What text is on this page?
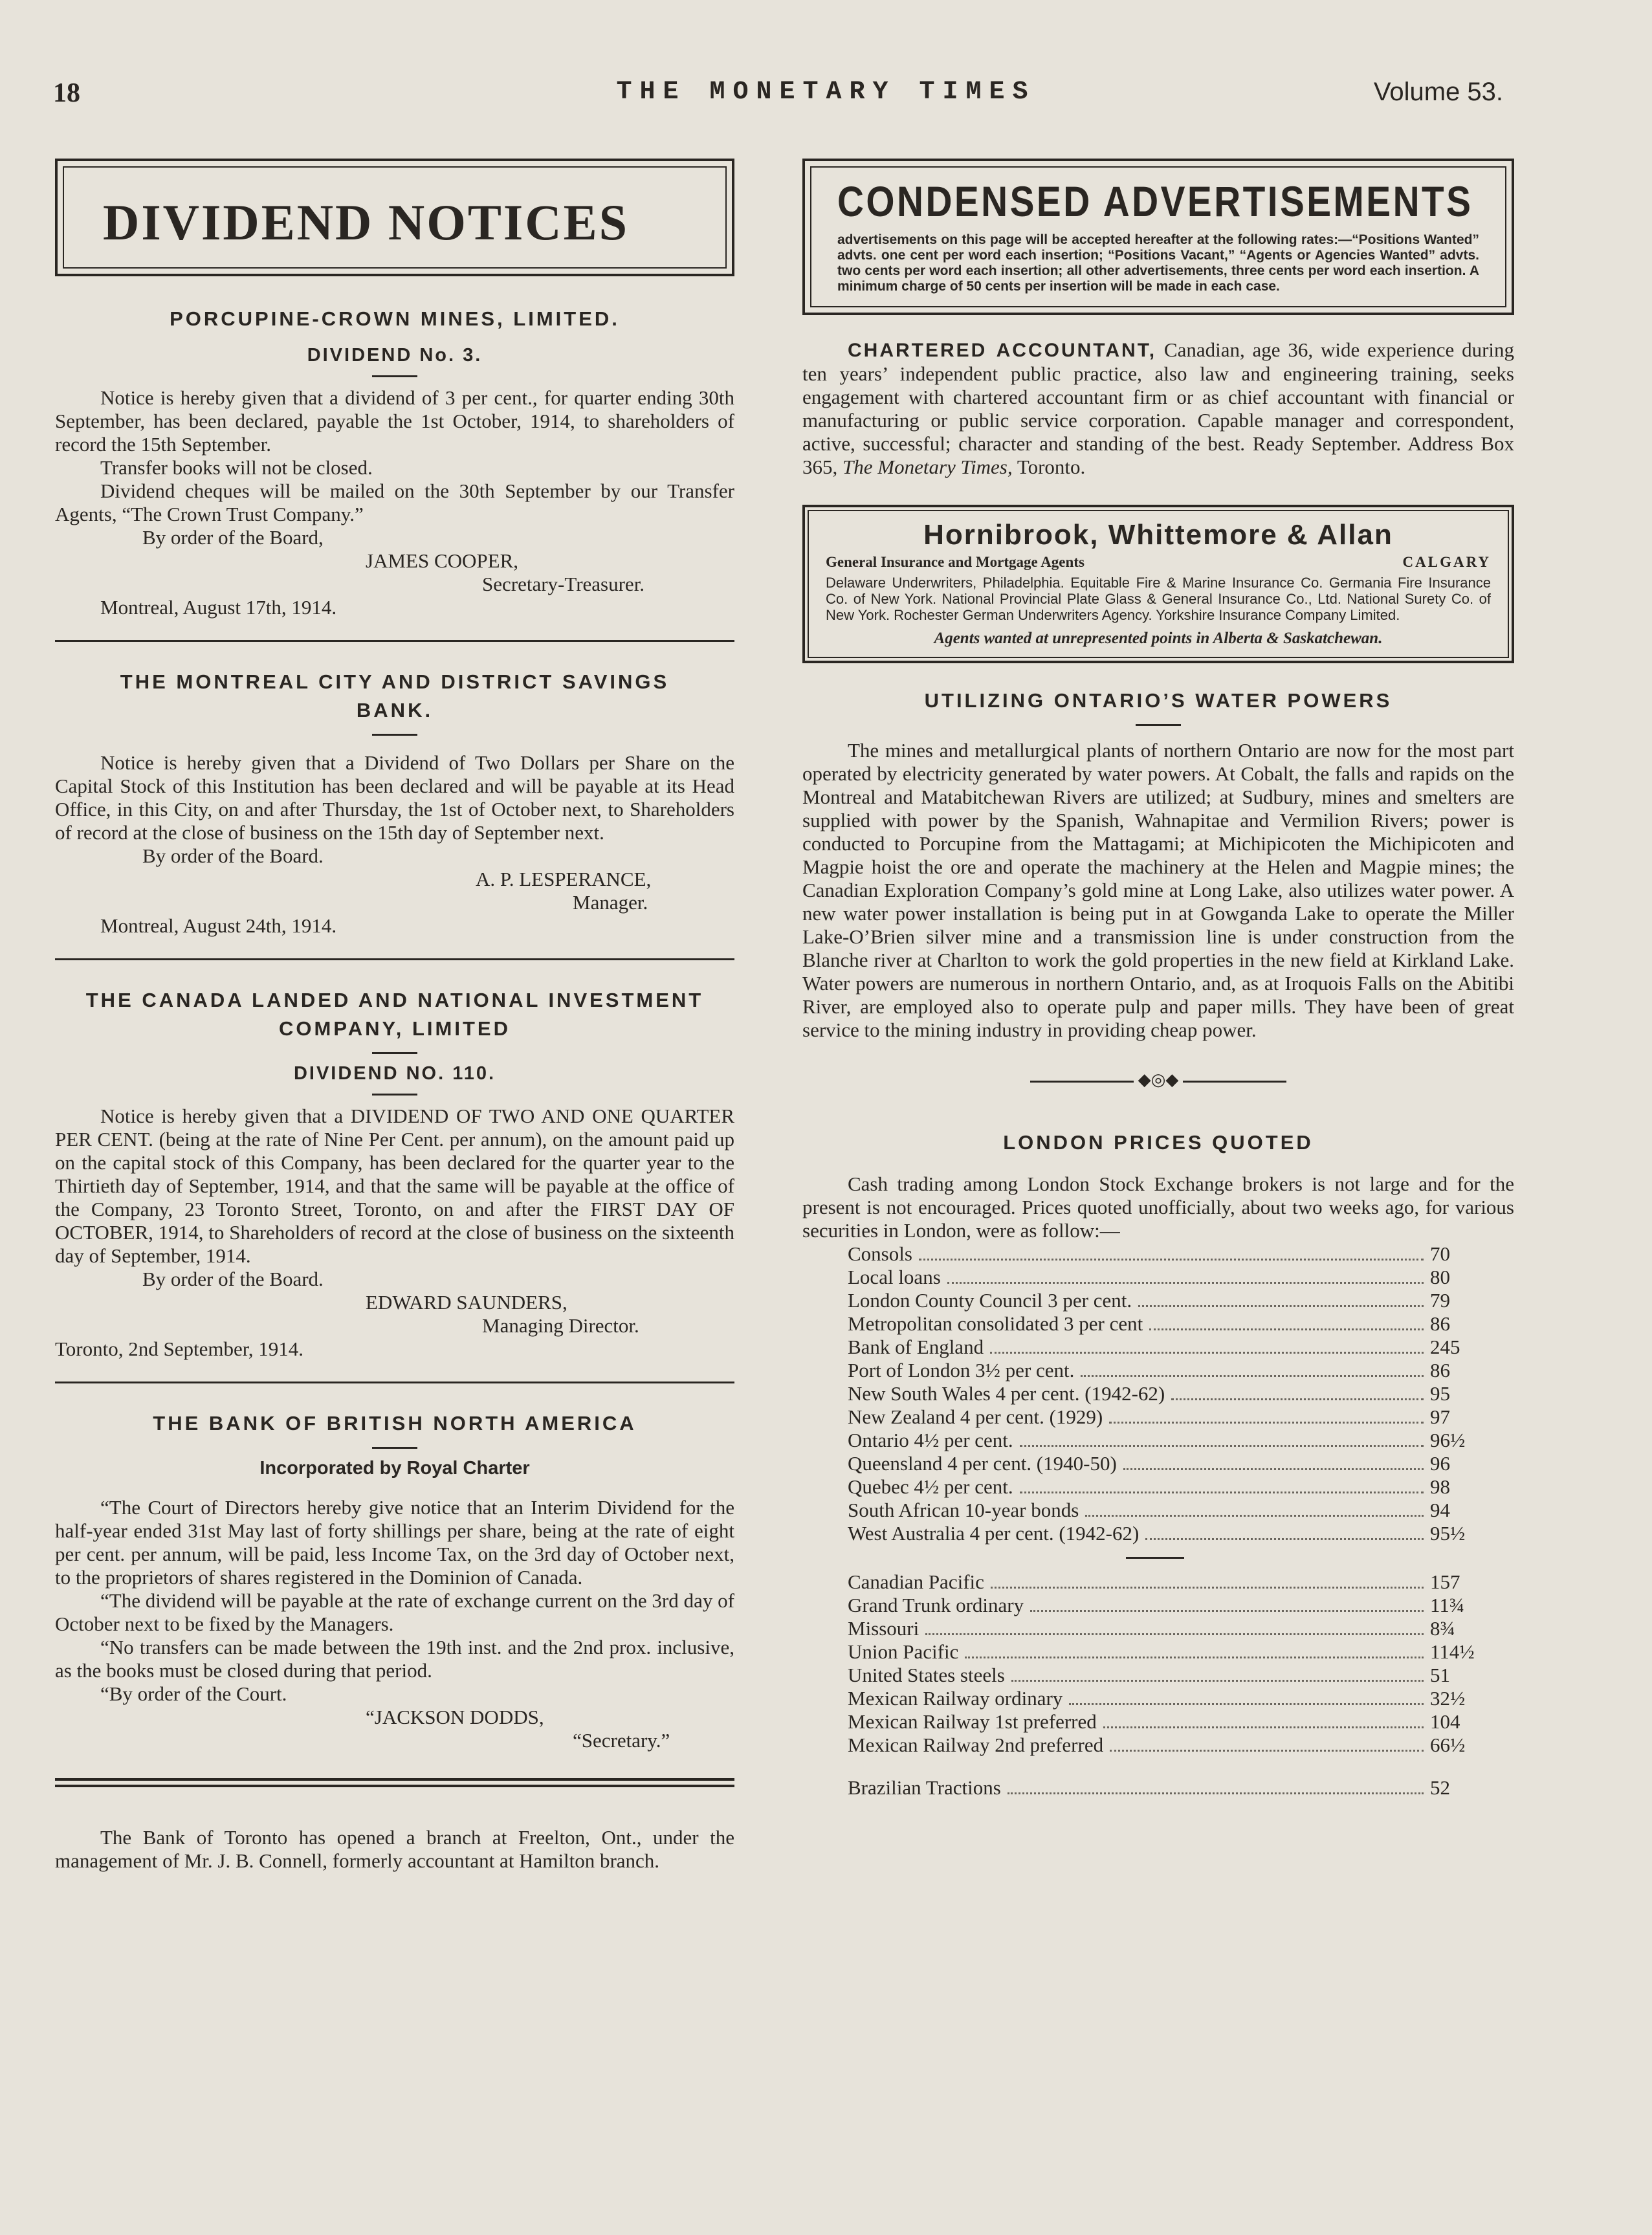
18	THE MONETARY TIMES	Volume 53.
DIVIDEND NOTICES
PORCUPINE-CROWN MINES, LIMITED.
DIVIDEND No. 3.

Notice is hereby given that a dividend of 3 per cent., for quarter ending 30th September, has been declared, payable the 1st October, 1914, to shareholders of record the 15th September.

Transfer books will not be closed.

Dividend cheques will be mailed on the 30th September by our Transfer Agents, “The Crown Trust Company.”

By order of the Board,

JAMES COOPER,

Secretary-Treasurer.

Montreal, August 17th, 1914.

THE MONTREAL CITY AND DISTRICT SAVINGS BANK.

Notice is hereby given that a Dividend of Two Dollars per Share on the Capital Stock of this Institution has been declared and will be payable at its Head Office, in this City, on and after Thursday, the 1st of October next, to Shareholders of record at the close of business on the 15th day of September next.

By order of the Board.

A. P. LESPERANCE,

Manager.

Montreal, August 24th, 1914.

THE CANADA LANDED AND NATIONAL INVESTMENT COMPANY, LIMITED
DIVIDEND NO. 110.

Notice is hereby given that a DIVIDEND OF TWO AND ONE QUARTER PER CENT. (being at the rate of Nine Per Cent. per annum), on the amount paid up on the capital stock of this Company, has been declared for the quarter year to the Thirtieth day of September, 1914, and that the same will be payable at the office of the Company, 23 Toronto Street, Toronto, on and after the FIRST DAY OF OCTOBER, 1914, to Shareholders of record at the close of business on the sixteenth day of September, 1914.

By order of the Board.

EDWARD SAUNDERS,

Managing Director.

Toronto, 2nd September, 1914.

THE BANK OF BRITISH NORTH AMERICA
Incorporated by Royal Charter

“The Court of Directors hereby give notice that an Interim Dividend for the half-year ended 31st May last of forty shillings per share, being at the rate of eight per cent. per annum, will be paid, less Income Tax, on the 3rd day of October next, to the proprietors of shares registered in the Dominion of Canada.

“The dividend will be payable at the rate of exchange current on the 3rd day of October next to be fixed by the Managers.

“No transfers can be made between the 19th inst. and the 2nd prox. inclusive, as the books must be closed during that period.

“By order of the Court.

“JACKSON DODDS,

“Secretary.”

The Bank of Toronto has opened a branch at Freelton, Ont., under the management of Mr. J. B. Connell, formerly accountant at Hamilton branch.

CONDENSED ADVERTISEMENTS

advertisements on this page will be accepted hereafter at the following rates:—“Positions Wanted” advts. one cent per word each insertion; “Positions Vacant,” “Agents or Agencies Wanted” advts. two cents per word each insertion; all other advertisements, three cents per word each insertion. A minimum charge of 50 cents per insertion will be made in each case.

CHARTERED ACCOUNTANT, Canadian, age 36, wide experience during ten years’ independent public practice, also law and engineering training, seeks engagement with chartered accountant firm or as chief accountant with financial or manufacturing or public service corporation. Capable manager and correspondent, active, successful; character and standing of the best. Ready September. Address Box 365, The Monetary Times, Toronto.

Hornibrook, Whittemore & Allan
General Insurance and Mortgage Agents	CALGARY

Delaware Underwriters, Philadelphia. Equitable Fire & Marine Insurance Co. Germania Fire Insurance Co. of New York. National Provincial Plate Glass & General Insurance Co., Ltd. National Surety Co. of New York. Rochester German Underwriters Agency. Yorkshire Insurance Company Limited.

Agents wanted at unrepresented points in Alberta & Saskatchewan.
UTILIZING ONTARIO’S WATER POWERS

The mines and metallurgical plants of northern Ontario are now for the most part operated by electricity generated by water powers. At Cobalt, the falls and rapids on the Montreal and Matabitchewan Rivers are utilized; at Sudbury, mines and smelters are supplied with power by the Spanish, Wahnapitae and Vermilion Rivers; power is conducted to Porcupine from the Mattagami; at Michipicoten the Michipicoten and Magpie hoist the ore and operate the machinery at the Helen and Magpie mines; the Canadian Exploration Company’s gold mine at Long Lake, also utilizes water power. A new water power installation is being put in at Gowganda Lake to operate the Miller Lake-O’Brien silver mine and a transmission line is under construction from the Blanche river at Charlton to work the gold properties in the new field at Kirkland Lake. Water powers are numerous in northern Ontario, and, as at Iroquois Falls on the Abitibi River, are employed also to operate pulp and paper mills. They have been of great service to the mining industry in providing cheap power.

◆◎◆
LONDON PRICES QUOTED

Cash trading among London Stock Exchange brokers is not large and for the present is not encouraged. Prices quoted unofficially, about two weeks ago, for various securities in London, were as follow:—

Consols	70
Local loans	80
London County Council 3 per cent.	79
Metropolitan consolidated 3 per cent	86
Bank of England	245
Port of London 3½ per cent.	86
New South Wales 4 per cent. (1942-62)	95
New Zealand 4 per cent. (1929)	97
Ontario 4½ per cent.	96½
Queensland 4 per cent. (1940-50)	96
Quebec 4½ per cent.	98
South African 10-year bonds	94
West Australia 4 per cent. (1942-62)	95½
Canadian Pacific	157
Grand Trunk ordinary	11¾
Missouri	8¾
Union Pacific	114½
United States steels	51
Mexican Railway ordinary	32½
Mexican Railway 1st preferred	104
Mexican Railway 2nd preferred	66½
Brazilian Tractions	52
